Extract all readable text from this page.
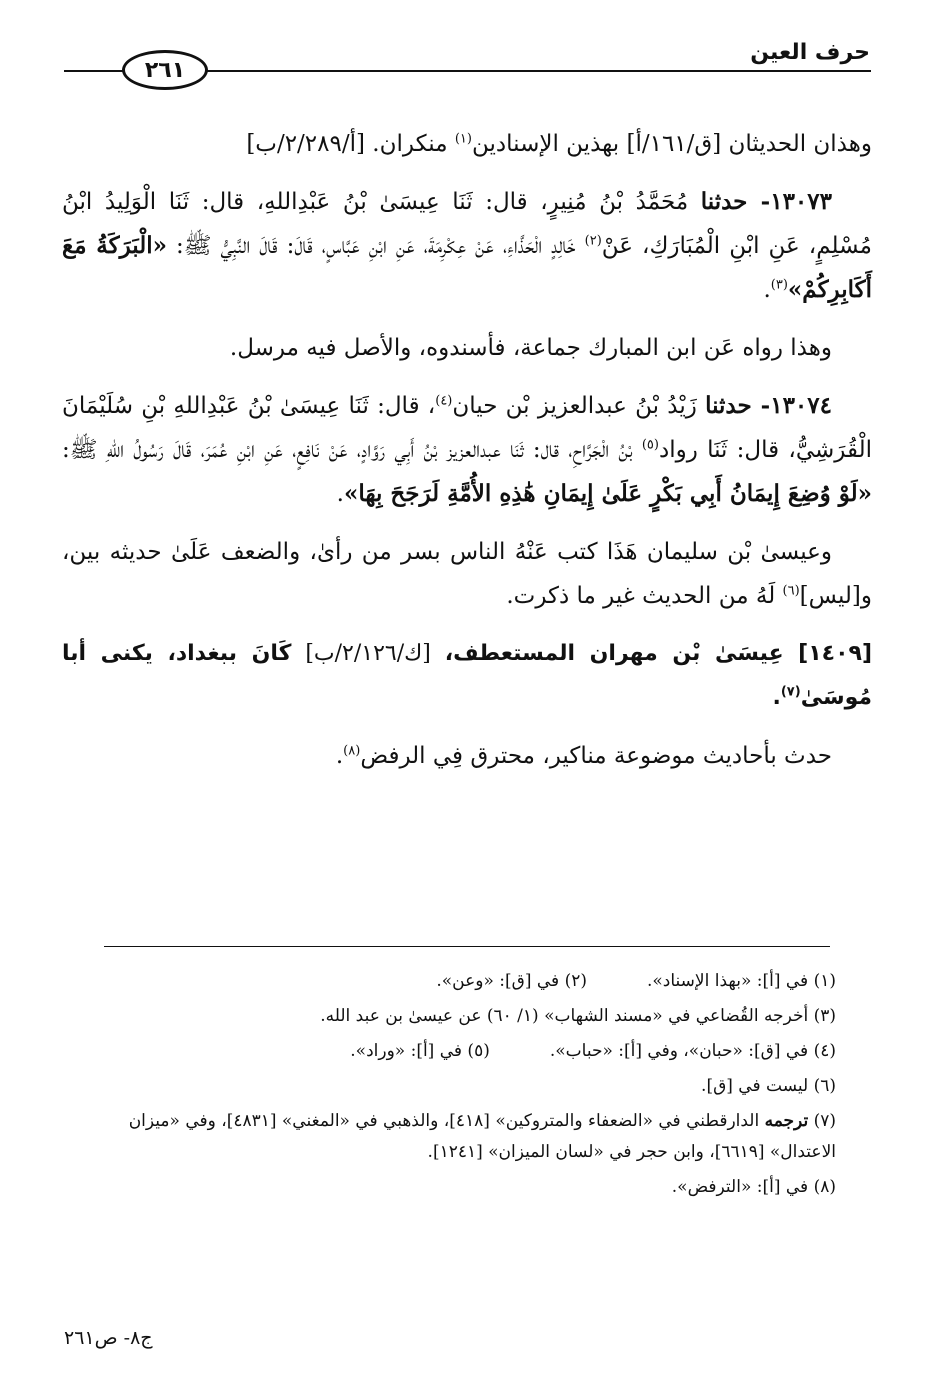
حرف العين
٢٦١

وهذان الحديثان [ق/١٦١/أ] بهذين الإسنادين$^{(١)}$ منكران. [أ/٢/٢٨٩/ب]

١٣٠٧٣- حدثنا مُحَمَّدُ بْنُ مُنِيرٍ، قال: ثَنَا عِيسَىٰ بْنُ عَبْدِاللهِ، قال: ثَنَا الْوَلِيدُ ابْنُ مُسْلِمٍ، عَنِ ابْنِ الْمُبَارَكِ، عَنْ$^{(٢)}$ خَالِدٍ الْحَذَّاءِ، عَنْ عِكْرِمَةَ، عَنِ ابْنِ عَبَّاسٍ، قَالَ: قَالَ النَّبِيُّ ﷺ: «الْبَرَكَةُ مَعَ أَكَابِرِكُمْ»$^{(٣)}$.

وهذا رواه عَن ابن المبارك جماعة، فأسندوه، والأصل فيه مرسل.

١٣٠٧٤- حدثنا زَيْدُ بْنُ عبدالعزيز بْن حيان$^{(٤)}$، قال: ثَنَا عِيسَىٰ بْنُ عَبْدِاللهِ بْنِ سُلَيْمَانَ الْقُرَشِيُّ، قال: ثَنَا رواد$^{(٥)}$ بْنُ الْجَرَّاحِ، قال: ثَنَا عبدالعزيز بْنُ أَبِي رَوَّادٍ، عَنْ نَافِعٍ، عَنِ ابْنِ عُمَرَ، قَالَ رَسُولُ اللهِ ﷺ: «لَوْ وُضِعَ إِيمَانُ أَبِي بَكْرٍ عَلَىٰ إِيمَانِ هَٰذِهِ الأُمَّةِ لَرَجَحَ بِهَا».

وعيسىٰ بْن سليمان هَذَا كتب عَنْهُ الناس بسر من رأىٰ، والضعف عَلَىٰ حديثه بين، و[ليس]$^{(٦)}$ لَهُ من الحديث غير ما ذكرت.

[١٤٠٩] عِيسَىٰ بْن مهران المستعطف، [ك/٢/١٢٦/ب] كَانَ ببغداد، يكنى أبا مُوسَىٰ$^{(٧)}$.

حدث بأحاديث موضوعة مناكير، محترق فِي الرفض$^{(٨)}$.

(١) في [أ]: «بهذا الإسناد».
(٢) في [ق]: «وعن».

(٣) أخرجه القُضاعي في «مسند الشهاب» (١/ ٦٠) عن عيسىٰ بن عبد الله.

(٤) في [ق]: «حبان»، وفي [أ]: «حباب».
(٥) في [أ]: «وراد».

(٦) ليست في [ق].

(٧) ترجمه الدارقطني في «الضعفاء والمتروكين» [٤١٨]، والذهبي في «المغني» [٤٨٣١]، وفي «ميزان الاعتدال» [٦٦١٩]، وابن حجر في «لسان الميزان» [١٢٤١].

(٨) في [أ]: «الترفض».

ج٨- ص٢٦١
